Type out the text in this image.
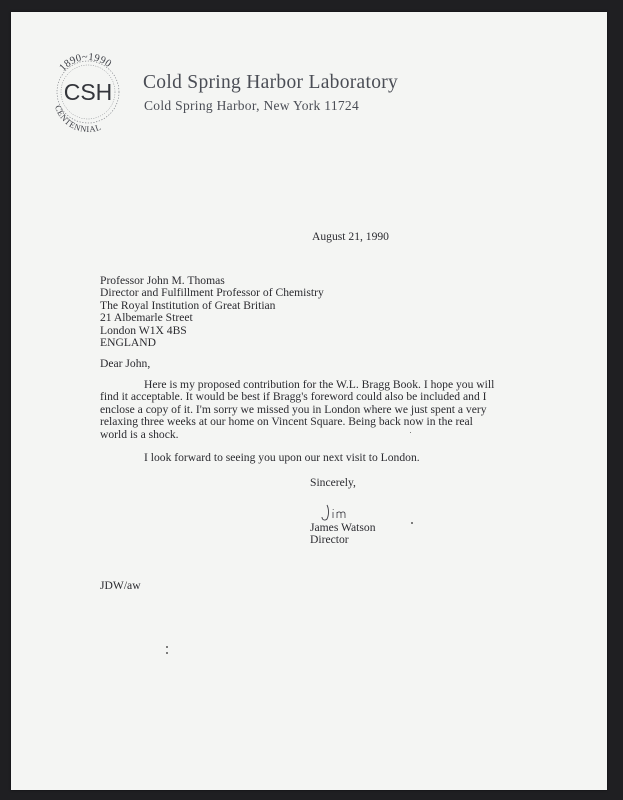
1890~1990
CSH
CENTENNIAL
Cold Spring Harbor Laboratory
Cold Spring Harbor, New York 11724
August 21, 1990
Professor John M. Thomas
Director and Fulfillment Professor of Chemistry
The Royal Institution of Great Britian
21 Albemarle Street
London W1X 4BS
ENGLAND
Dear John,
Here is my proposed contribution for the W.L. Bragg Book. I hope you will
find it acceptable. It would be best if Bragg's foreword could also be included and I
enclose a copy of it. I'm sorry we missed you in London where we just spent a very
relaxing three weeks at our home on Vincent Square. Being back now in the real
world is a shock.
I look forward to seeing you upon our next visit to London.
Sincerely,
James Watson
Director
JDW/aw
